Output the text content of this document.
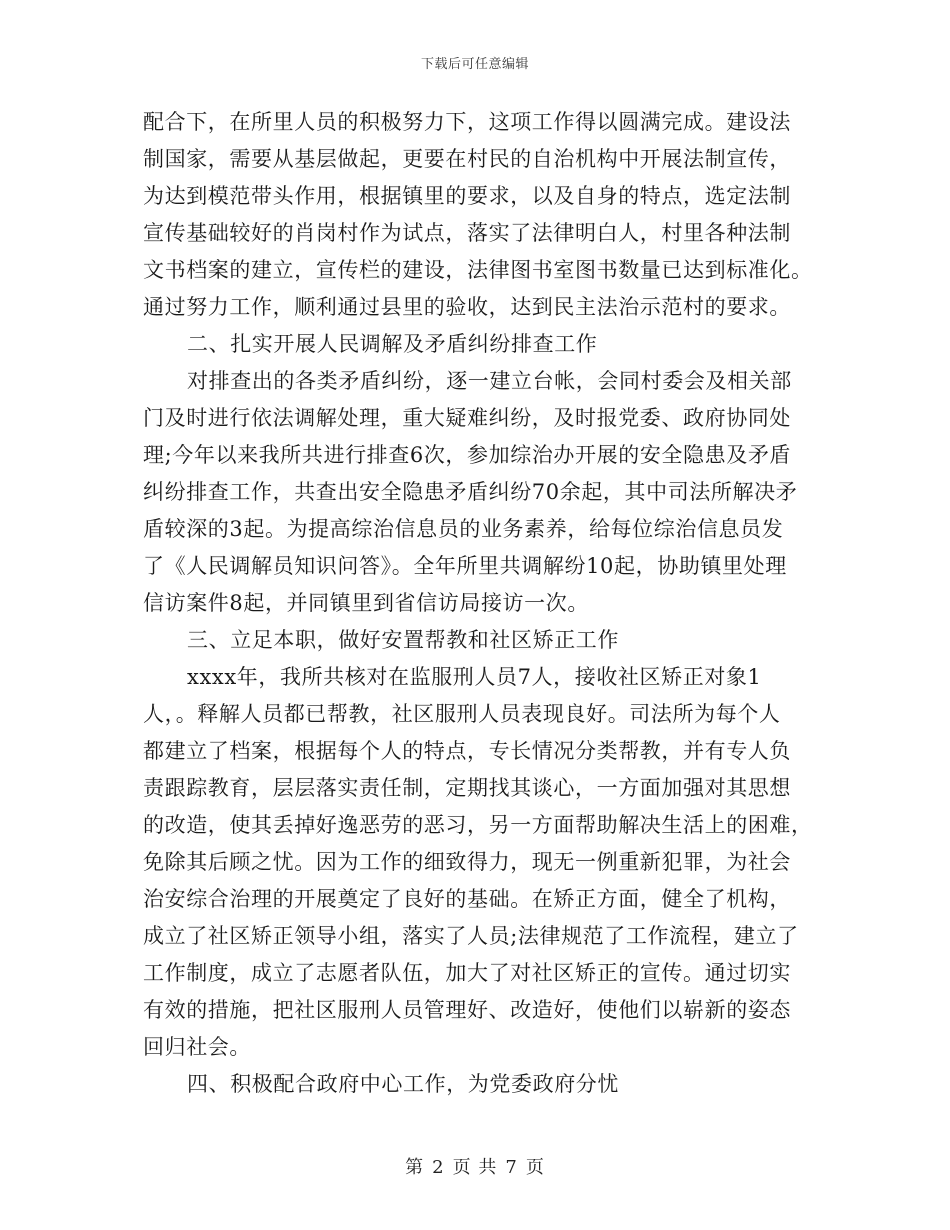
下载后可任意编辑
配合下，在所里人员的积极努力下，这项工作得以圆满完成。建设法
制国家，需要从基层做起，更要在村民的自治机构中开展法制宣传，
为达到模范带头作用，根据镇里的要求，以及自身的特点，选定法制
宣传基础较好的肖岗村作为试点，落实了法律明白人，村里各种法制
文书档案的建立，宣传栏的建设，法律图书室图书数量已达到标准化。
通过努力工作，顺利通过县里的验收，达到民主法治示范村的要求。
二、扎实开展人民调解及矛盾纠纷排查工作
对排查出的各类矛盾纠纷，逐一建立台帐，会同村委会及相关部
门及时进行依法调解处理，重大疑难纠纷，及时报党委、政府协同处
理;今年以来我所共进行排查6次，参加综治办开展的安全隐患及矛盾
纠纷排查工作，共查出安全隐患矛盾纠纷70余起，其中司法所解决矛
盾较深的3起。为提高综治信息员的业务素养，给每位综治信息员发
了《人民调解员知识问答》。全年所里共调解纷10起，协助镇里处理
信访案件8起，并同镇里到省信访局接访一次。
三、立足本职，做好安置帮教和社区矫正工作
xxxx年，我所共核对在监服刑人员7人，接收社区矫正对象1
人，。释解人员都已帮教，社区服刑人员表现良好。司法所为每个人
都建立了档案，根据每个人的特点，专长情况分类帮教，并有专人负
责跟踪教育，层层落实责任制，定期找其谈心，一方面加强对其思想
的改造，使其丢掉好逸恶劳的恶习，另一方面帮助解决生活上的困难，
免除其后顾之忧。因为工作的细致得力，现无一例重新犯罪，为社会
治安综合治理的开展奠定了良好的基础。在矫正方面，健全了机构，
成立了社区矫正领导小组，落实了人员;法律规范了工作流程，建立了
工作制度，成立了志愿者队伍，加大了对社区矫正的宣传。通过切实
有效的措施，把社区服刑人员管理好、改造好，使他们以崭新的姿态
回归社会。
四、积极配合政府中心工作，为党委政府分忧
第 2 页 共 7 页
